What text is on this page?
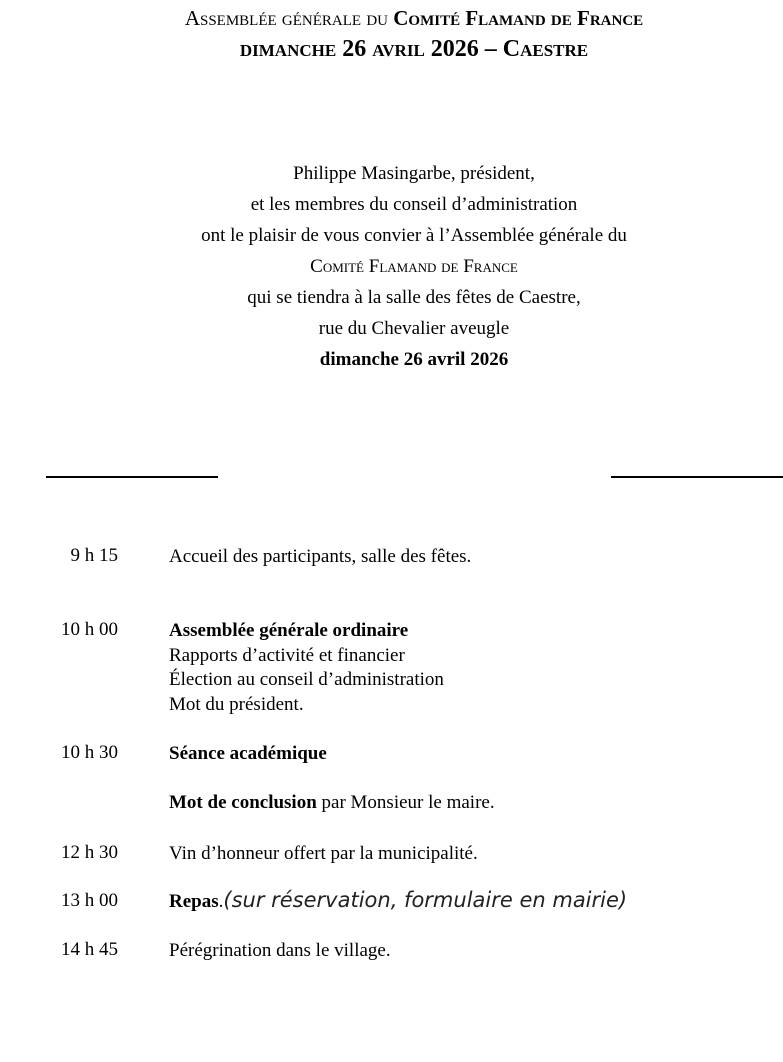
Assemblée générale du Comité Flamand de France
dimanche 26 avril 2026 – Caestre
Philippe Masingarbe, président,
et les membres du conseil d’administration
ont le plaisir de vous convier à l’Assemblée générale du
Comité Flamand de France
qui se tiendra à la salle des fêtes de Caestre,
rue du Chevalier aveugle
dimanche 26 avril 2026
9 h 15	Accueil des participants, salle des fêtes.
10 h 00	Assemblée générale ordinaire
Rapports d’activité et financier
Élection au conseil d’administration
Mot du président.
10 h 30	Séance académique
Mot de conclusion par Monsieur le maire.
12 h 30	Vin d’honneur offert par la municipalité.
13 h 00	Repas.(sur réservation, formulaire en mairie)
14 h 45	Pérégrination dans le village.
